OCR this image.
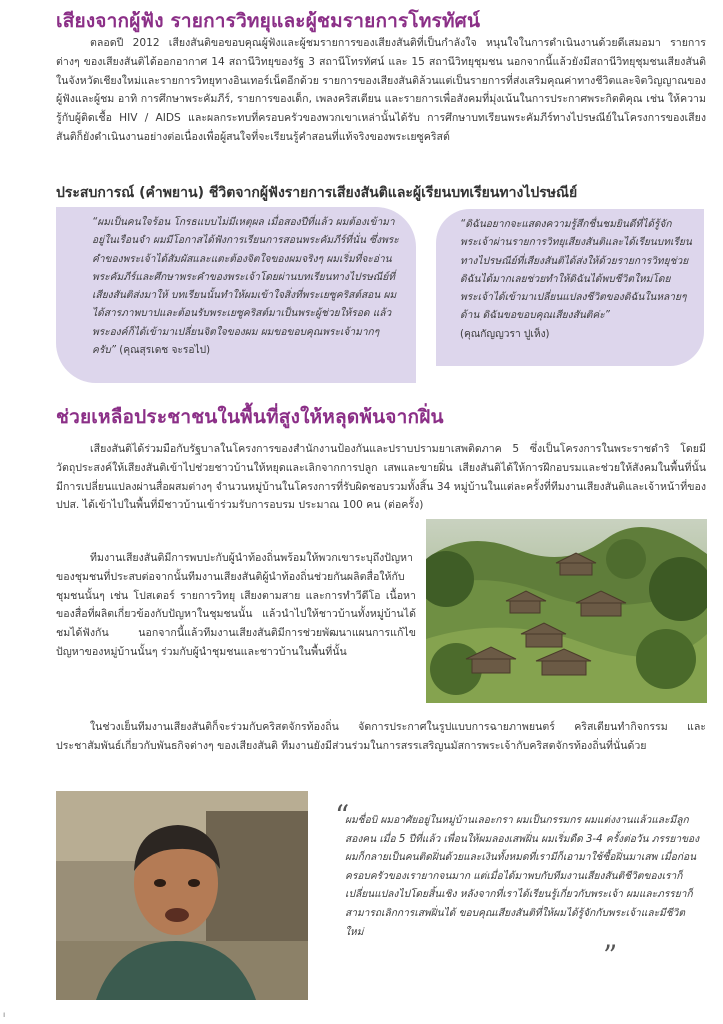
เสียงจากผู้ฟัง รายการวิทยุและผู้ชมรายการโทรทัศน์

ตลอดปี 2012 เสียงสันติขอขอบคุณผู้ฟังและผู้ชมรายการของเสียงสันติที่เป็นกำลังใจ หนุนใจในการดำเนินงานด้วยดีเสมอมา รายการต่างๆ ของเสียงสันติได้ออกอากาศ 14 สถานีวิทยุของรัฐ 3 สถานีโทรทัศน์ และ 15 สถานีวิทยุชุมชน นอกจากนี้แล้วยังมีสถานีวิทยุชุมชนเสียงสันติในจังหวัดเชียงใหม่และรายการวิทยุทางอินเทอร์เน็ตอีกด้วย รายการของเสียงสันติล้วนแต่เป็นรายการที่ส่งเสริมคุณค่าทางชีวิตและจิตวิญญาณของผู้ฟังและผู้ชม อาทิ การศึกษาพระคัมภีร์, รายการของเด็ก, เพลงคริสเตียน และรายการเพื่อสังคมที่มุ่งเน้นในการประกาศพระกิตติคุณ เช่น ให้ความรู้กับผู้ติดเชื้อ HIV / AIDS และผลกระทบที่ครอบครัวของพวกเขาเหล่านั้นได้รับ การศึกษาบทเรียนพระคัมภีร์ทางไปรษณีย์ในโครงการของเสียงสันติก็ยังดำเนินงานอย่างต่อเนื่องเพื่อผู้สนใจที่จะเรียนรู้คำสอนที่แท้จริงของพระเยซูคริสต์

ประสบการณ์ (คำพยาน) ชีวิตจากผู้ฟังรายการเสียงสันติและผู้เรียนบทเรียนทางไปรษณีย์
“ผมเป็นคนใจร้อน โกรธแบบไม่มีเหตุผล เมื่อสองปีที่แล้ว ผมต้องเข้ามาอยู่ในเรือนจำ ผมมีโอกาสได้ฟังการเรียนการสอนพระคัมภีร์ที่นั่น ซึ่งพระคำของพระเจ้าได้สัมผัสและแตะต้องจิตใจของผมจริงๆ ผมเริ่มที่จะอ่านพระคัมภีร์และศึกษาพระคำของพระเจ้าโดยผ่านบทเรียนทางไปรษณีย์ที่เสียงสันติส่งมาให้ บทเรียนนั้นทำให้ผมเข้าใจสิ่งที่พระเยซูคริสต์สอน ผมได้สารภาพบาปและต้อนรับพระเยซูคริสต์มาเป็นพระผู้ช่วยให้รอด แล้วพระองค์ก็ได้เข้ามาเปลี่ยนจิตใจของผม ผมขอขอบคุณพระเจ้ามากๆ ครับ” (คุณสุรเดช จะรอไป)
“ดิฉันอยากจะแสดงความรู้สึกชื่นชมยินดีที่ได้รู้จักพระเจ้าผ่านรายการวิทยุเสียงสันติและได้เรียนบทเรียนทางไปรษณีย์ที่เสียงสันติได้ส่งให้ด้วยรายการวิทยุช่วยดิฉันได้มากเลยช่วยทำให้ดิฉันได้พบชีวิตใหม่โดยพระเจ้าได้เข้ามาเปลี่ยนแปลงชีวิตของดิฉันในหลายๆ ด้าน ดิฉันขอขอบคุณเสียงสันติค่ะ”
(คุณกัญญวรา ปูเห็ง)
ช่วยเหลือประชาชนในพื้นที่สูงให้หลุดพ้นจากฝิ่น

เสียงสันติได้ร่วมมือกับรัฐบาลในโครงการของสำนักงานป้องกันและปราบปรามยาเสพติดภาค 5 ซึ่งเป็นโครงการในพระราชดำริ โดยมีวัตถุประสงค์ให้เสียงสันติเข้าไปช่วยชาวบ้านให้หยุดและเลิกจากการปลูก เสพและขายฝิ่น เสียงสันติได้ให้การฝึกอบรมและช่วยให้สังคมในพื้นที่นั้นมีการเปลี่ยนแปลงผ่านสื่อผสมต่างๆ จำนวนหมู่บ้านในโครงการที่รับผิดชอบรวมทั้งสิ้น 34 หมู่บ้านในแต่ละครั้งที่ทีมงานเสียงสันติและเจ้าหน้าที่ของ ปปส. ได้เข้าไปในพื้นที่มีชาวบ้านเข้าร่วมรับการอบรม ประมาณ 100 คน (ต่อครั้ง)

ทีมงานเสียงสันติมีการพบปะกับผู้นำท้องถิ่นพร้อมให้พวกเขาระบุถึงปัญหาของชุมชนที่ประสบต่อจากนั้นทีมงานเสียงสันติผู้นำท้องถิ่นช่วยกันผลิตสื่อให้กับชุมชนนั้นๆ เช่น โปสเตอร์ รายการวิทยุ เสียงตามสาย และการทำวีดีโอ เนื้อหาของสื่อที่ผลิตเกี่ยวข้องกับปัญหาในชุมชนนั้น แล้วนำไปให้ชาวบ้านทั้งหมู่บ้านได้ชมได้ฟังกัน นอกจากนี้แล้วทีมงานเสียงสันติมีการช่วยพัฒนาแผนการแก้ไขปัญหาของหมู่บ้านนั้นๆ ร่วมกับผู้นำชุมชนและชาวบ้านในพื้นที่นั้น

ในช่วงเย็นทีมงานเสียงสันติก็จะร่วมกับคริสตจักรท้องถิ่น จัดการประกาศในรูปแบบการฉายภาพยนตร์ คริสเตียนทำกิจกรรม และประชาสัมพันธ์เกี่ยวกับพันธกิจต่างๆ ของเสียงสันติ ทีมงานยังมีส่วนร่วมในการสรรเสริญนมัสการพระเจ้ากับคริสตจักรท้องถิ่นที่นั่นด้วย

“

ผมชื่อบิ ผมอาศัยอยู่ในหมู่บ้านเลอะกรา ผมเป็นกรรมกร ผมแต่งงานแล้วและมีลูกสองคน เมื่อ 5 ปีที่แล้ว เพื่อนให้ผมลองเสพฝิ่น ผมเริ่มดืด 3-4 ครั้งต่อวัน ภรรยาของผมก็กลายเป็นคนติดฝิ่นด้วยและเงินทั้งหมดที่เรามีก็เอามาใช้ซื้อฝิ่นมาเสพ เมื่อก่อนครอบครัวของเรายากจนมาก แต่เมื่อได้มาพบกับทีมงานเสียงสันติชีวิตของเราก็เปลี่ยนแปลงไปโดยสิ้นเชิง หลังจากที่เราได้เรียนรู้เกี่ยวกับพระเจ้า ผมและภรรยาก็สามารถเลิกการเสพฝิ่นได้ ขอบคุณเสียงสันติที่ให้ผมได้รู้จักกับพระเจ้าและมีชีวิตใหม่

”
ı
